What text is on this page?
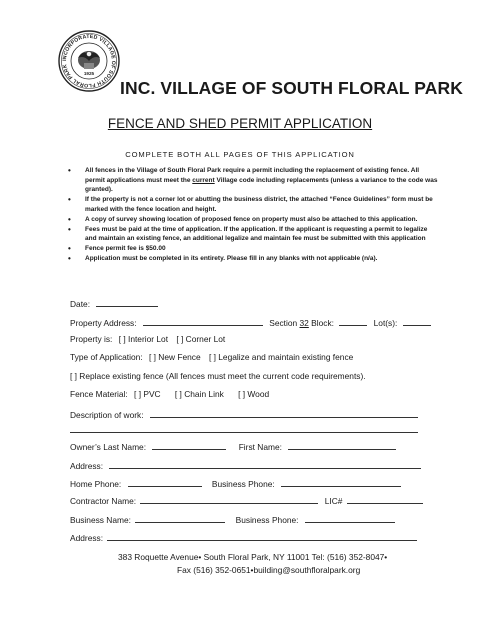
INCORPORATED VILLAGE OF SOUTH FLORAL PARK
1925
INC. VILLAGE OF SOUTH FLORAL PARK
FENCE AND SHED PERMIT APPLICATION
COMPLETE BOTH ALL PAGES OF THIS APPLICATION
• All fences in the Village of South Floral Park require a permit including the replacement of existing fence. All permit applications must meet the current Village code including replacements (unless a variance to the code was granted).
• If the property is not a corner lot or abutting the business district, the attached “Fence Guidelines” form must be marked with the fence location and height.
• A copy of survey showing location of proposed fence on property must also be attached to this application.
• Fees must be paid at the time of application. If the application. If the applicant is requesting a permit to legalize and maintain an existing fence, an additional legalize and maintain fee must be submitted with this application
• Fence permit fee is $50.00
• Application must be completed in its entirety. Please fill in any blanks with not applicable (n/a).
Date:
Property Address:	Section 32 Block:	Lot(s):
Property is: [ ] Interior Lot [ ] Corner Lot
Type of Application: [ ] New Fence [ ] Legalize and maintain existing fence
[ ] Replace existing fence (All fences must meet the current code requirements).
Fence Material: [ ] PVC [ ] Chain Link [ ] Wood
Description of work:
Owner’s Last Name:	First Name:
Address:
Home Phone:	Business Phone:
Contractor Name:	LIC#
Business Name:	Business Phone:
Address:
383 Roquette Avenue• South Floral Park, NY 11001 Tel: (516) 352-8047•
Fax (516) 352-0651•building@southfloralpark.org
